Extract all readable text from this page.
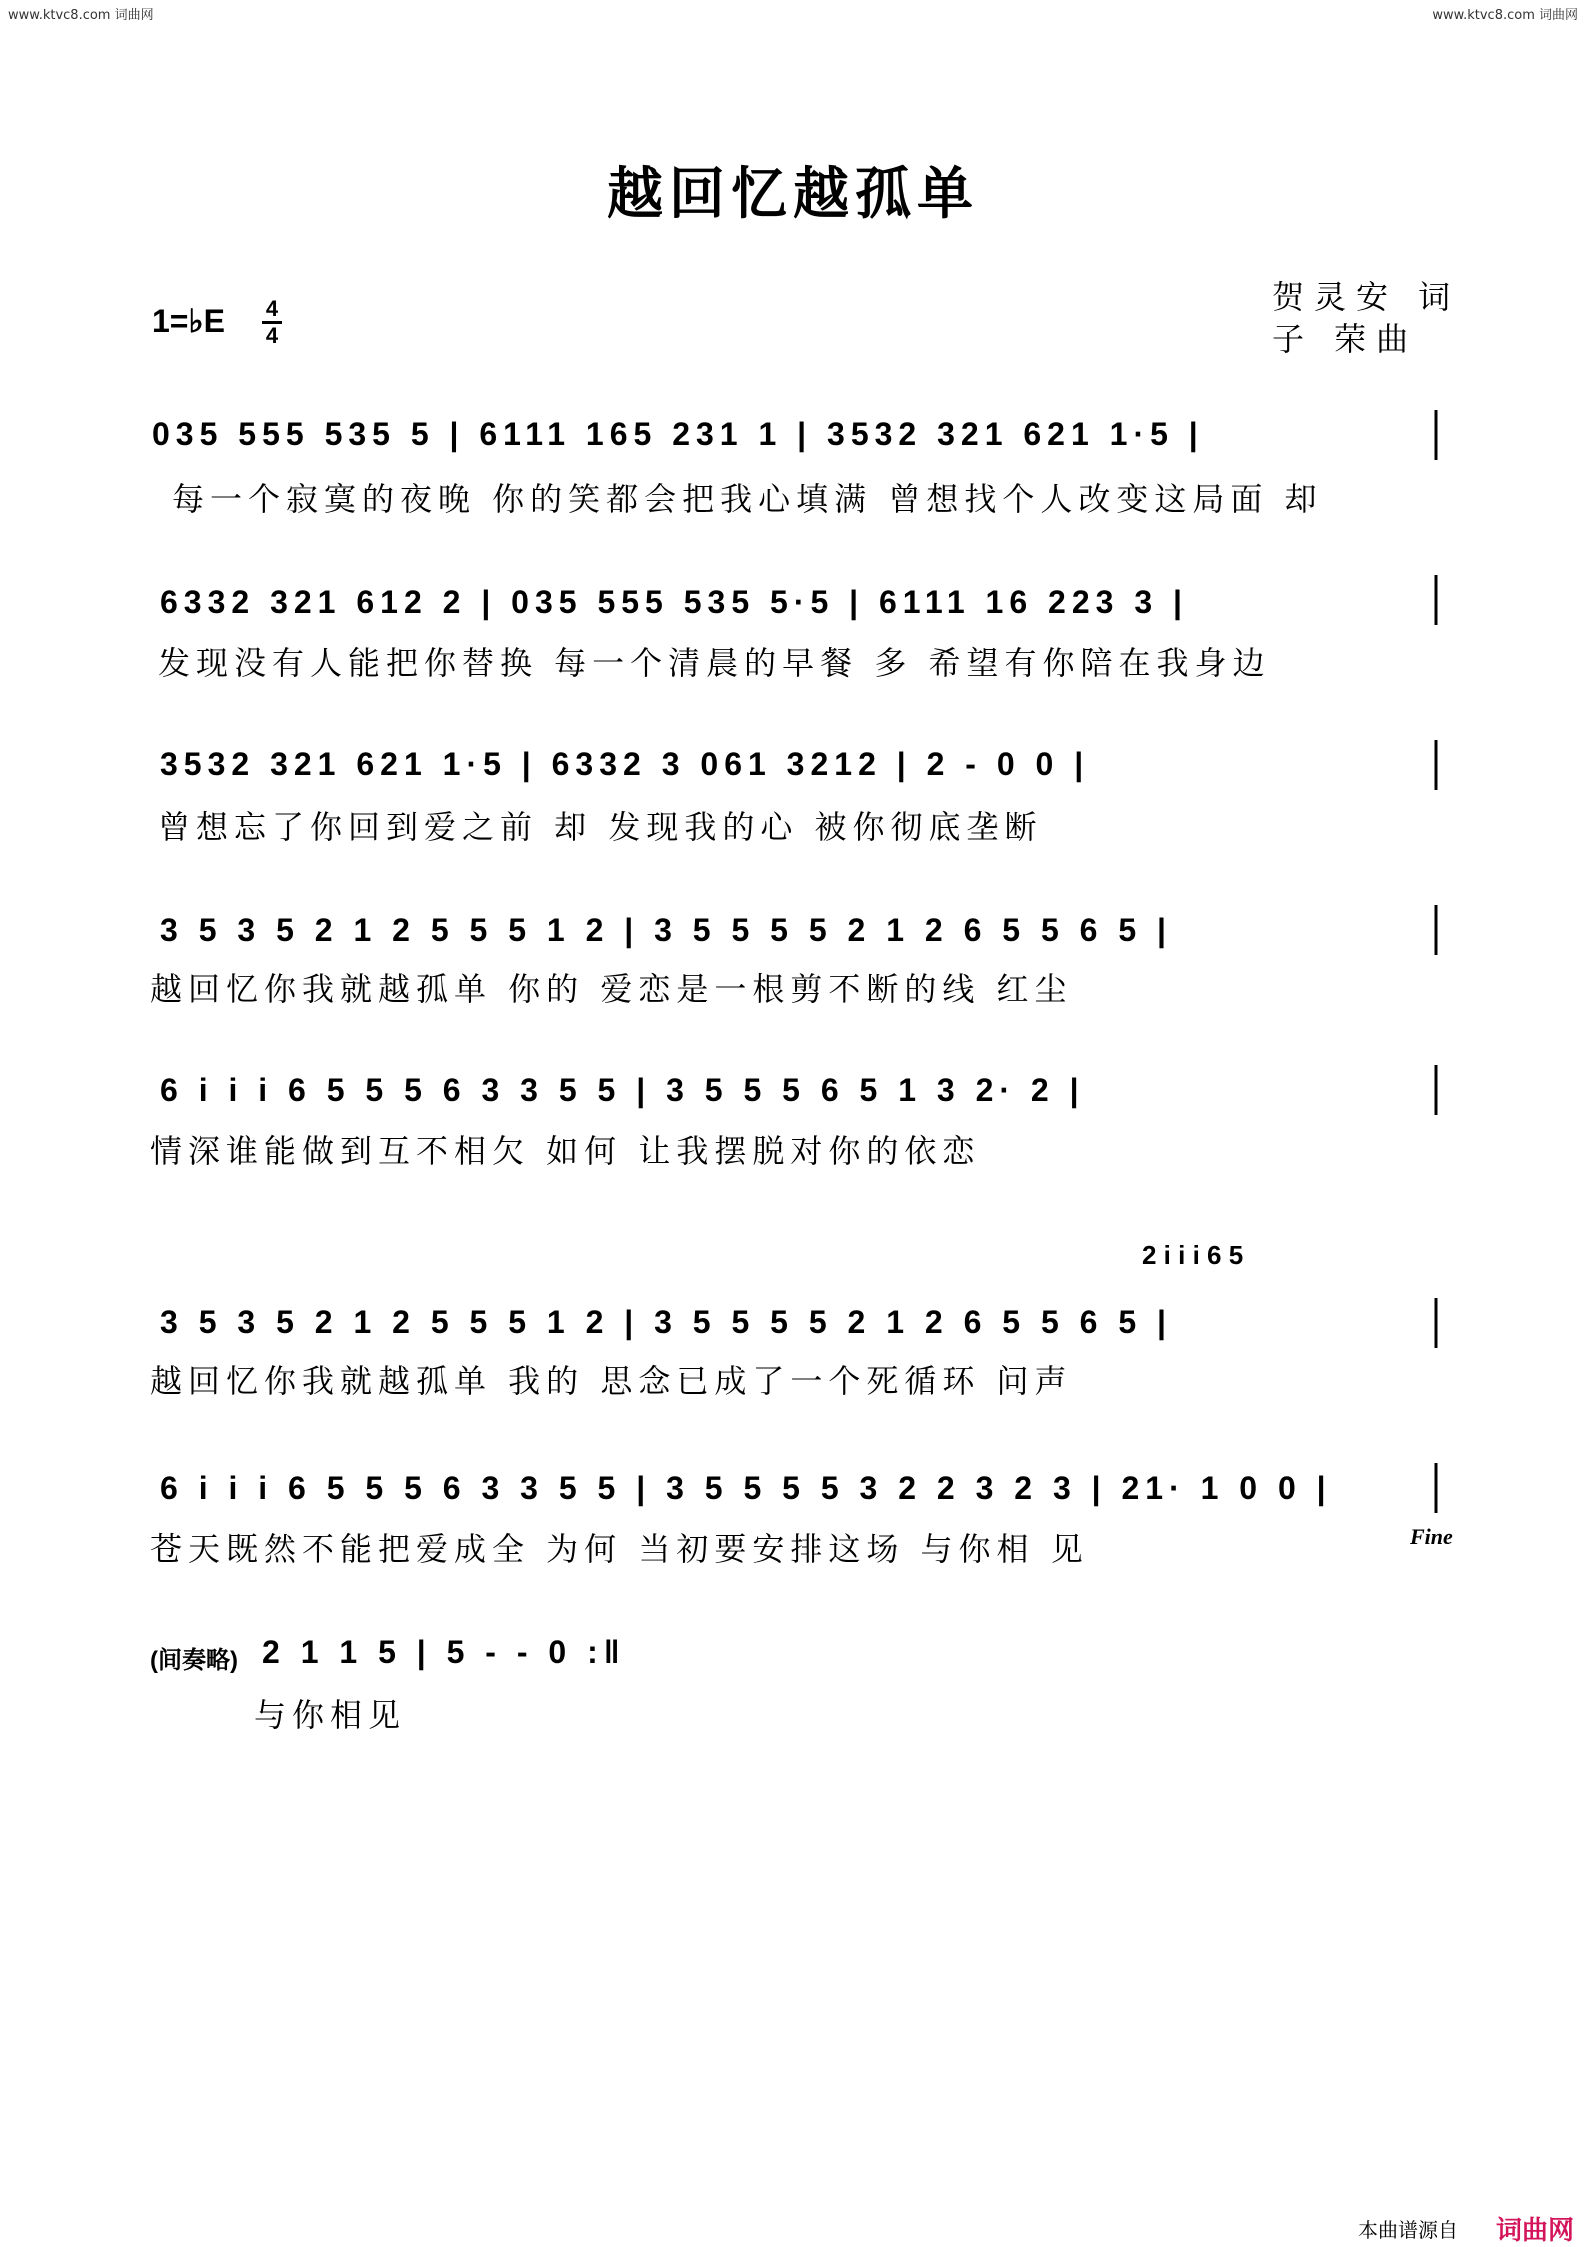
www.ktvc8.com 词曲网	www.ktvc8.com 词曲网
越回忆越孤单
贺灵安 词
子 荣曲
1=♭E 4
4
035 555 535 5 | 6111 165 231 1 | 3532 321 621 1·5 |
每一个寂寞的夜晚 你的笑都会把我心填满 曾想找个人改变这局面 却
6332 321 612 2 | 035 555 535 5·5 | 6111 16 223 3 |
发现没有人能把你替换 每一个清晨的早餐 多 希望有你陪在我身边
3532 321 621 1·5 | 6332 3 061 3212 | 2 - 0 0 |
曾想忘了你回到爱之前 却 发现我的心 被你彻底垄断
3 5 3 5 2 1 2 5 5 5 1 2 | 3 5 5 5 5 2 1 2 6 5 5 6 5 |
越回忆你我就越孤单 你的 爱恋是一根剪不断的线 红尘
6 i i i 6 5 5 5 6 3 3 5 5 | 3 5 5 5 6 5 1 3 2· 2 |
情深谁能做到互不相欠 如何 让我摆脱对你的依恋
2 i i i 6 5
3 5 3 5 2 1 2 5 5 5 1 2 | 3 5 5 5 5 2 1 2 6 5 5 6 5 |
越回忆你我就越孤单 我的 思念已成了一个死循环 问声
6 i i i 6 5 5 5 6 3 3 5 5 | 3 5 5 5 5 3 2 2 3 2 3 | 21· 1 0 0 |
苍天既然不能把爱成全 为何 当初要安排这场 与你相 见	Fine
(间奏略) 2 1 1 5 | 5 - - 0 :‖
与你相见
本曲谱源自 词曲网
